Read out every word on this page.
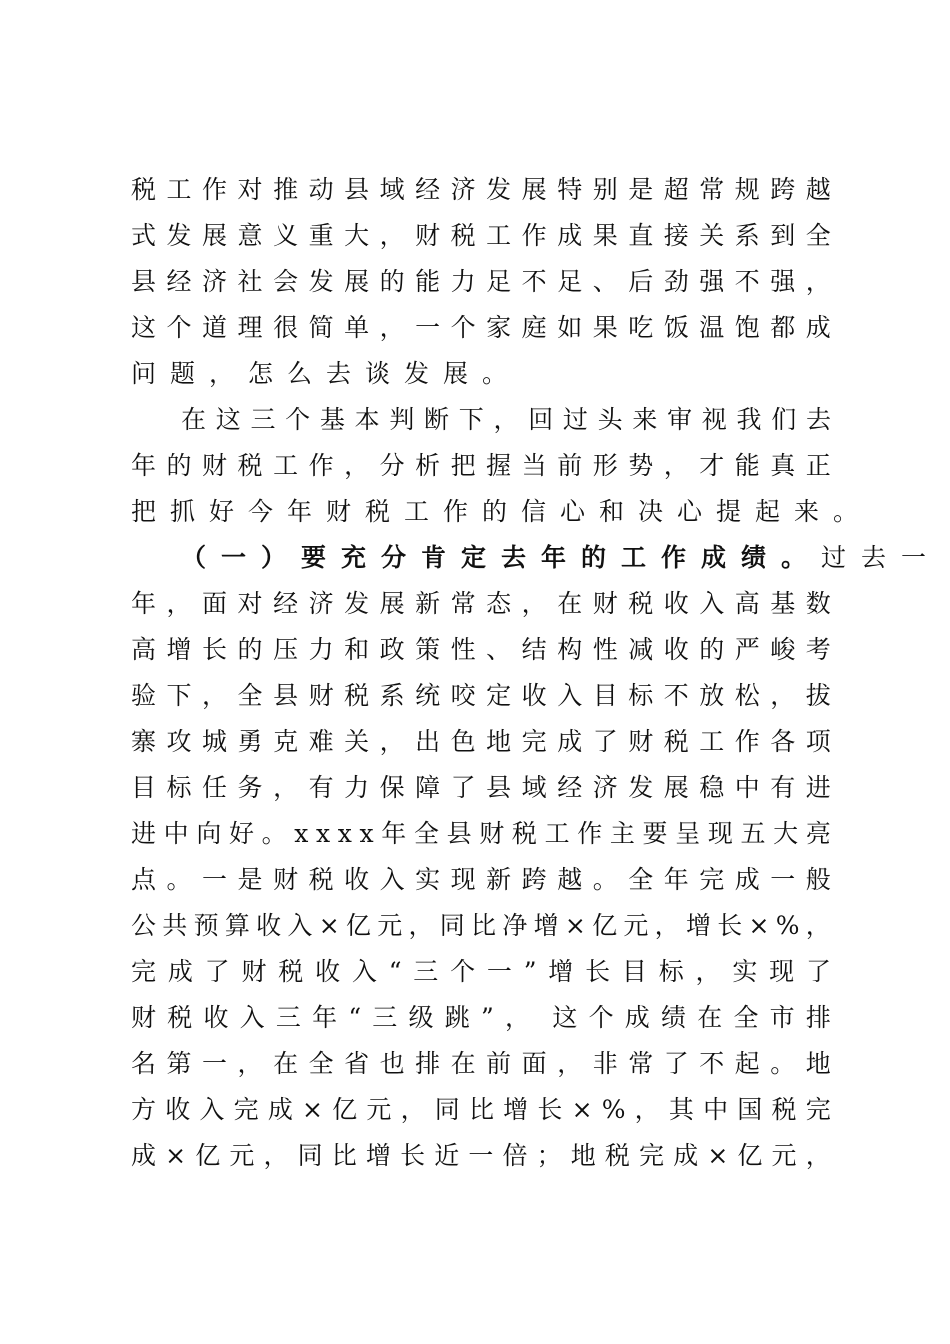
税 工 作 对 推 动 县 域 经 济 发 展 特 别 是 超 常 规 跨 越
式 发 展 意 义 重 大 ， 财 税 工 作 成 果 直 接 关 系 到 全
县 经 济 社 会 发 展 的 能 力 足 不 足 、 后 劲 强 不 强 ，
这 个 道 理 很 简 单 ， 一 个 家 庭 如 果 吃 饭 温 饱 都 成
问题，怎么去谈发展。
在 这 三 个 基 本 判 断 下 ， 回 过 头 来 审 视 我 们 去
年 的 财 税 工 作 ， 分 析 把 握 当 前 形 势 ， 才 能 真 正
把抓好今年财税工作的信心和决心提起来。
（一）要充分肯定去年的工作成绩。 过去一
年 ， 面 对 经 济 发 展 新 常 态 ， 在 财 税 收 入 高 基 数
高 增 长 的 压 力 和 政 策 性 、 结 构 性 减 收 的 严 峻 考
验 下 ， 全 县 财 税 系 统 咬 定 收 入 目 标 不 放 松 ， 拔
寨 攻 城 勇 克 难 关 ， 出 色 地 完 成 了 财 税 工 作 各 项
目 标 任 务 ， 有 力 保 障 了 县 域 经 济 发 展 稳 中 有 进
进 中 向 好 。 x x x x 年 全 县 财 税 工 作 主 要 呈 现 五 大 亮
点 。 一 是 财 税 收 入 实 现 新 跨 越 。 全 年 完 成 一 般
公 共 预 算 收 入 × 亿 元 ， 同 比 净 增 × 亿 元 ， 增 长 × % ，
完 成 了 财 税 收 入 “ 三 个 一 ” 增 长 目 标 ， 实 现 了
财 税 收 入 三 年 “ 三 级 跳 ” ， 这 个 成 绩 在 全 市 排
名 第 一 ， 在 全 省 也 排 在 前 面 ， 非 常 了 不 起 。 地
方 收 入 完 成 × 亿 元 ， 同 比 增 长 × % ， 其 中 国 税 完
成 × 亿 元 ， 同 比 增 长 近 一 倍 ； 地 税 完 成 × 亿 元 ，
